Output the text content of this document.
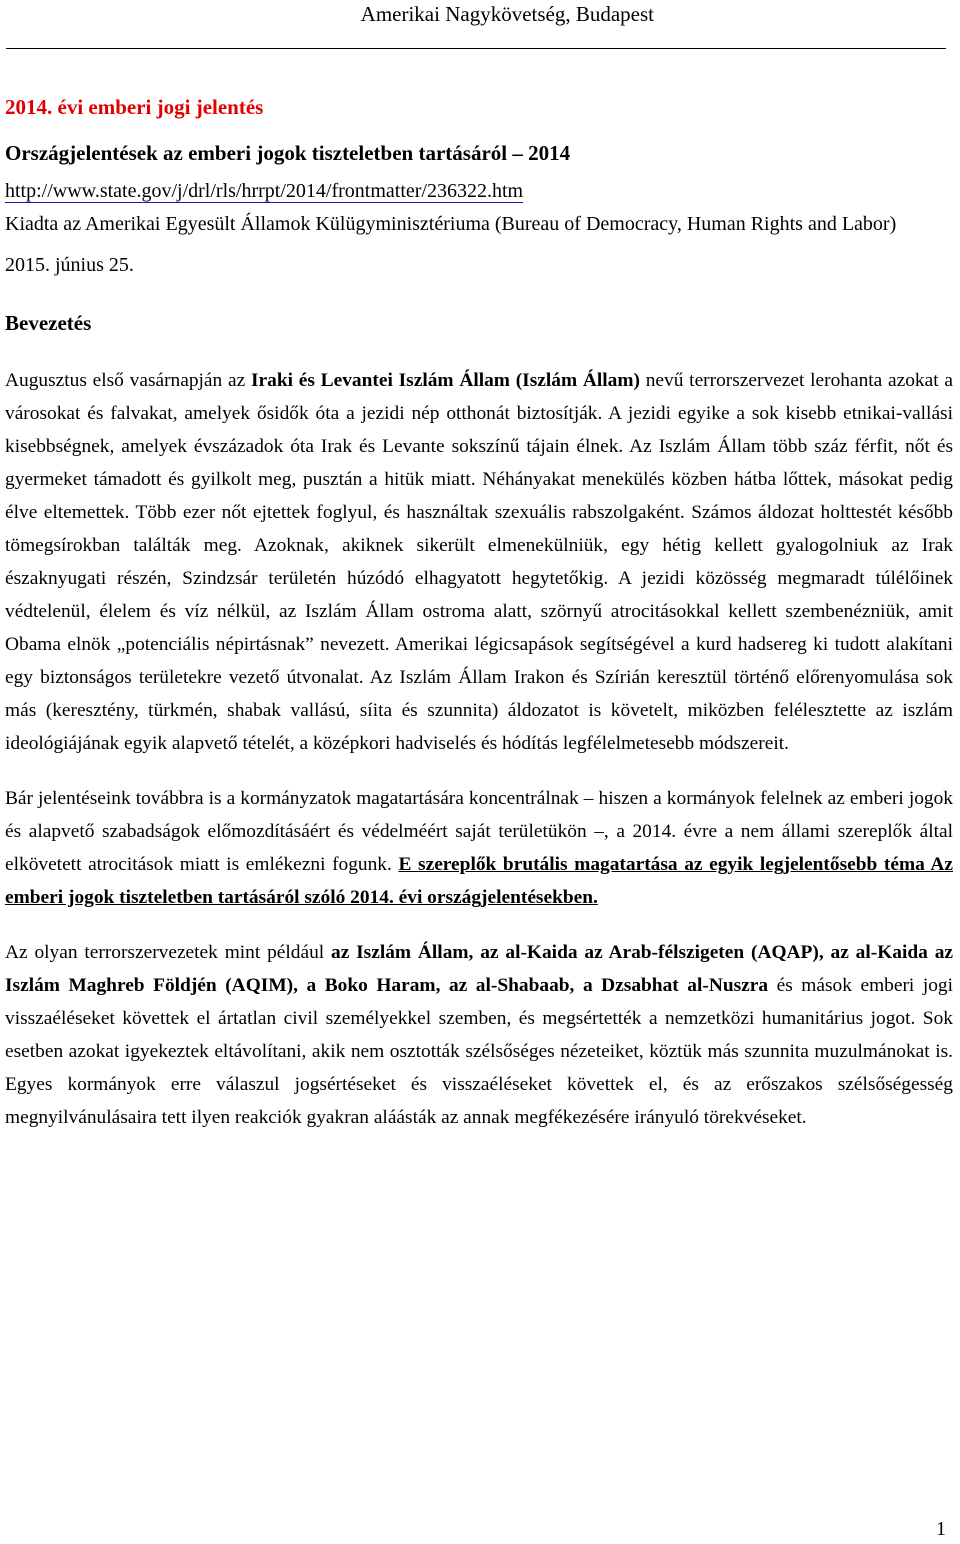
Amerikai Nagykövetség, Budapest
2014. évi emberi jogi jelentés
Országjelentések az emberi jogok tiszteletben tartásáról – 2014
http://www.state.gov/j/drl/rls/hrrpt/2014/frontmatter/236322.htm
Kiadta az Amerikai Egyesült Államok Külügyminisztériuma (Bureau of Democracy, Human Rights and Labor)
2015. június 25.
Bevezetés

Augusztus első vasárnapján az Iraki és Levantei Iszlám Állam (Iszlám Állam) nevű terrorszervezet lerohanta azokat a városokat és falvakat, amelyek ősidők óta a jezidi nép otthonát biztosítják. A jezidi egyike a sok kisebb etnikai-vallási kisebbségnek, amelyek évszázadok óta Irak és Levante sokszínű tájain élnek. Az Iszlám Állam több száz férfit, nőt és gyermeket támadott és gyilkolt meg, pusztán a hitük miatt. Néhányakat menekülés közben hátba lőttek, másokat pedig élve eltemettek. Több ezer nőt ejtettek foglyul, és használtak szexuális rabszolgaként. Számos áldozat holttestét később tömegsírokban találták meg. Azoknak, akiknek sikerült elmenekülniük, egy hétig kellett gyalogolniuk az Irak északnyugati részén, Szindzsár területén húzódó elhagyatott hegytetőkig. A jezidi közösség megmaradt túlélőinek védtelenül, élelem és víz nélkül, az Iszlám Állam ostroma alatt, szörnyű atrocitásokkal kellett szembenézniük, amit Obama elnök „potenciális népirtásnak” nevezett. Amerikai légicsapások segítségével a kurd hadsereg ki tudott alakítani egy biztonságos területekre vezető útvonalat. Az Iszlám Állam Irakon és Szírián keresztül történő előrenyomulása sok más (keresztény, türkmén, shabak vallású, síita és szunnita) áldozatot is követelt, miközben felélesztette az iszlám ideológiájának egyik alapvető tételét, a középkori hadviselés és hódítás legfélelmetesebb módszereit.

Bár jelentéseink továbbra is a kormányzatok magatartására koncentrálnak – hiszen a kormányok felelnek az emberi jogok és alapvető szabadságok előmozdításáért és védelméért saját területükön –, a 2014. évre a nem állami szereplők által elkövetett atrocitások miatt is emlékezni fogunk. E szereplők brutális magatartása az egyik legjelentősebb téma Az emberi jogok tiszteletben tartásáról szóló 2014. évi országjelentésekben.

Az olyan terrorszervezetek mint például az Iszlám Állam, az al-Kaida az Arab-félszigeten (AQAP), az al-Kaida az Iszlám Maghreb Földjén (AQIM), a Boko Haram, az al-Shabaab, a Dzsabhat al-Nuszra és mások emberi jogi visszaéléseket követtek el ártatlan civil személyekkel szemben, és megsértették a nemzetközi humanitárius jogot. Sok esetben azokat igyekeztek eltávolítani, akik nem osztották szélsőséges nézeteiket, köztük más szunnita muzulmánokat is. Egyes kormányok erre válaszul jogsértéseket és visszaéléseket követtek el, és az erőszakos szélsőségesség megnyilvánulásaira tett ilyen reakciók gyakran aláásták az annak megfékezésére irányuló törekvéseket.

1
